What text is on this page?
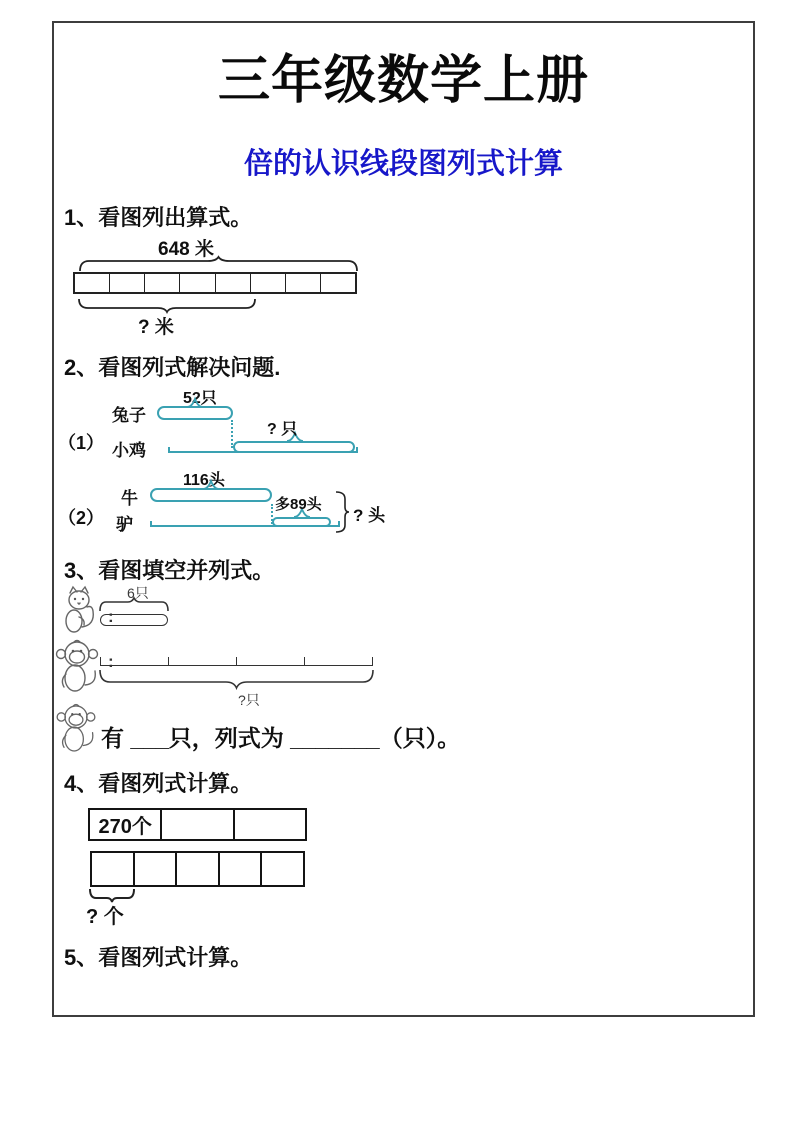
三年级数学上册
倍的认识线段图列式计算
1、看图列出算式。
648 米
? 米
2、看图列式解决问题.
52只
兔子
（1） 小鸡
? 只
116头
牛
（2） 驴
多89头
? 头
3、看图填空并列式。
:
6只
:
?只
有 ___只，列式为 _______（只）。
4、看图列式计算。
270个
? 个
5、看图列式计算。
